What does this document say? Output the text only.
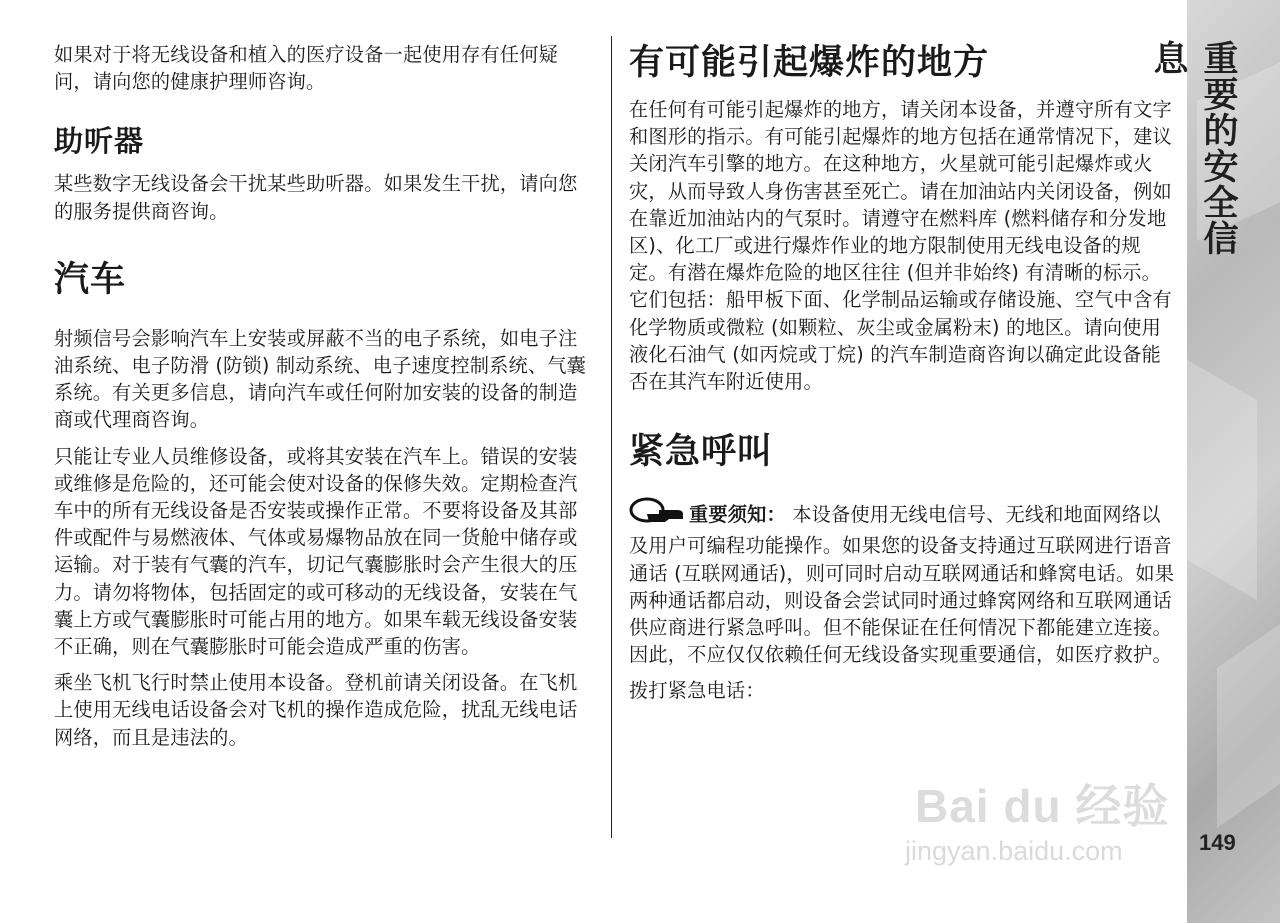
重要的安全信息
149

如果对于将无线设备和植入的医疗设备一起使用存有任何疑问，请向您的健康护理师咨询。

助听器

某些数字无线设备会干扰某些助听器。如果发生干扰，请向您的服务提供商咨询。

汽车

射频信号会影响汽车上安装或屏蔽不当的电子系统，如电子注油系统、电子防滑 (防锁) 制动系统、电子速度控制系统、气囊系统。有关更多信息，请向汽车或任何附加安装的设备的制造商或代理商咨询。

只能让专业人员维修设备，或将其安装在汽车上。错误的安装或维修是危险的，还可能会使对设备的保修失效。定期检查汽车中的所有无线设备是否安装或操作正常。不要将设备及其部件或配件与易燃液体、气体或易爆物品放在同一货舱中储存或运输。对于装有气囊的汽车，切记气囊膨胀时会产生很大的压力。请勿将物体，包括固定的或可移动的无线设备，安装在气囊上方或气囊膨胀时可能占用的地方。如果车载无线设备安装不正确，则在气囊膨胀时可能会造成严重的伤害。

乘坐飞机飞行时禁止使用本设备。登机前请关闭设备。在飞机上使用无线电话设备会对飞机的操作造成危险，扰乱无线电话网络，而且是违法的。

有可能引起爆炸的地方

在任何有可能引起爆炸的地方，请关闭本设备，并遵守所有文字和图形的指示。有可能引起爆炸的地方包括在通常情况下，建议关闭汽车引擎的地方。在这种地方，火星就可能引起爆炸或火灾，从而导致人身伤害甚至死亡。请在加油站内关闭设备，例如在靠近加油站内的气泵时。请遵守在燃料库 (燃料储存和分发地区)、化工厂或进行爆炸作业的地方限制使用无线电设备的规定。有潜在爆炸危险的地区往往 (但并非始终) 有清晰的标示。它们包括：船甲板下面、化学制品运输或存储设施、空气中含有化学物质或微粒 (如颗粒、灰尘或金属粉末) 的地区。请向使用液化石油气 (如丙烷或丁烷) 的汽车制造商咨询以确定此设备能否在其汽车附近使用。

紧急呼叫

重要须知： 本设备使用无线电信号、无线和地面网络以及用户可编程功能操作。如果您的设备支持通过互联网进行语音通话 (互联网通话)，则可同时启动互联网通话和蜂窝电话。如果两种通话都启动，则设备会尝试同时通过蜂窝网络和互联网通话供应商进行紧急呼叫。但不能保证在任何情况下都能建立连接。因此，不应仅仅依赖任何无线设备实现重要通信，如医疗救护。

拨打紧急电话：

Bai du 经验
jingyan.baidu.com
